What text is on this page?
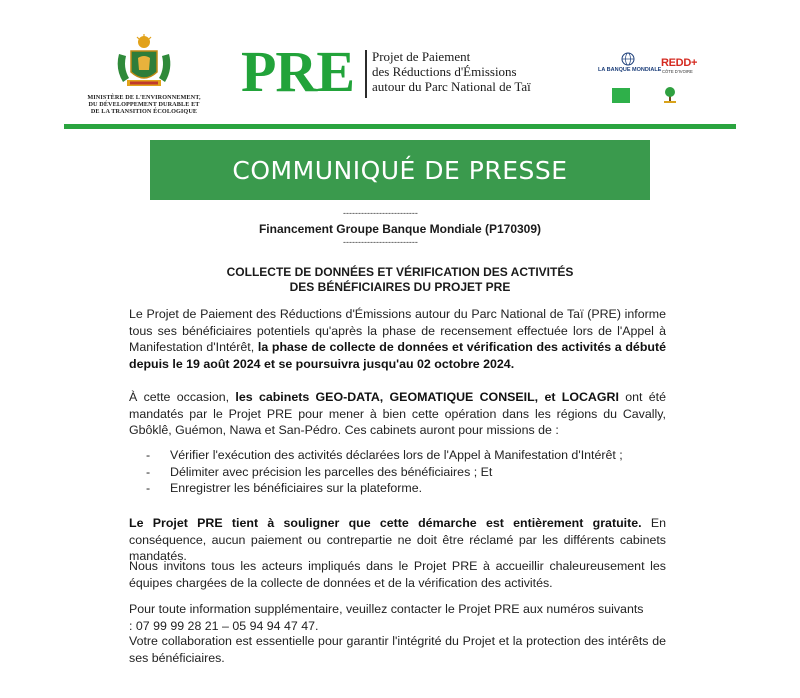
MINISTÈRE DE L'ENVIRONNEMENT,
DU DÉVELOPPEMENT DURABLE ET
DE LA TRANSITION ÉCOLOGIQUE
PRE Projet de Paiement
des Réductions d'Émissions
autour du Parc National de Taï
LA BANQUE MONDIALE
REDD+
CÔTE D'IVOIRE
COMMUNIQUÉ DE PRESSE
-------------------------
Financement Groupe Banque Mondiale (P170309)
-------------------------
COLLECTE DE DONNÉES ET VÉRIFICATION DES ACTIVITÉS
DES BÉNÉFICIAIRES DU PROJET PRE
Le Projet de Paiement des Réductions d'Émissions autour du Parc National de Taï (PRE) informe tous ses bénéficiaires potentiels qu'après la phase de recensement effectuée lors de l'Appel à Manifestation d'Intérêt, la phase de collecte de données et vérification des activités a débuté depuis le 19 août 2024 et se poursuivra jusqu'au 02 octobre 2024.
À cette occasion, les cabinets GEO-DATA, GEOMATIQUE CONSEIL, et LOCAGRI ont été mandatés par le Projet PRE pour mener à bien cette opération dans les régions du Cavally, Gbôklê, Guémon, Nawa et San-Pédro. Ces cabinets auront pour missions de :
-	Vérifier l'exécution des activités déclarées lors de l'Appel à Manifestation d'Intérêt ;
-	Délimiter avec précision les parcelles des bénéficiaires ; Et
-	Enregistrer les bénéficiaires sur la plateforme.
Le Projet PRE tient à souligner que cette démarche est entièrement gratuite. En conséquence, aucun paiement ou contrepartie ne doit être réclamé par les différents cabinets mandatés.
Nous invitons tous les acteurs impliqués dans le Projet PRE à accueillir chaleureusement les équipes chargées de la collecte de données et de la vérification des activités.
Pour toute information supplémentaire, veuillez contacter le Projet PRE aux numéros suivants
: 07 99 99 28 21 – 05 94 94 47 47.
Votre collaboration est essentielle pour garantir l'intégrité du Projet et la protection des intérêts de ses bénéficiaires.
